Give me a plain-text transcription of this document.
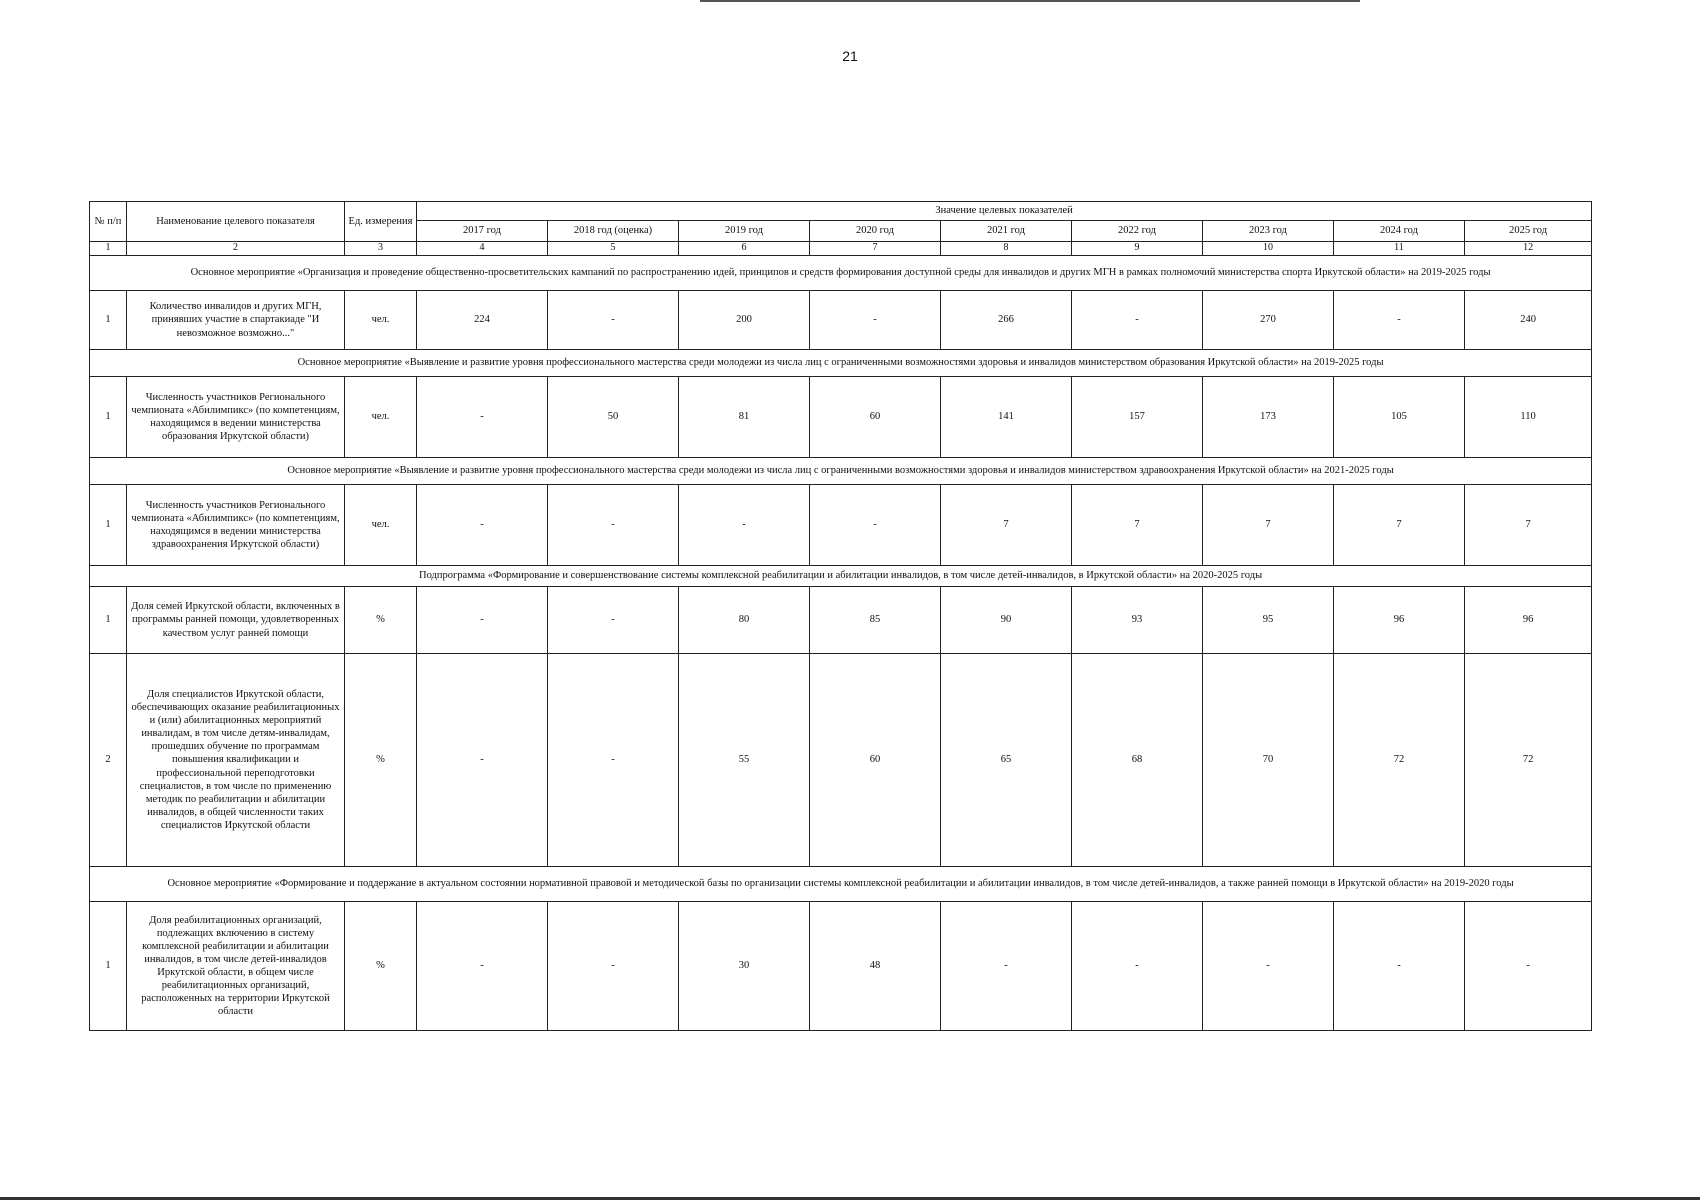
21
№ п/п	Наименование целевого показателя	Ед. измерения	Значение целевых показателей								
			2017 год	2018 год (оценка)	2019 год	2020 год	2021 год	2022 год	2023 год	2024 год	2025 год
1	2	3	4	5	6	7	8	9	10	11	12
Основное мероприятие «Организация и проведение общественно-просветительских кампаний по распространению идей, принципов и средств формирования доступной среды для инвалидов и других МГН в рамках полномочий министерства спорта Иркутской области» на 2019-2025 годы											
1	Количество инвалидов и других МГН, принявших участие в спартакиаде "И невозможное возможно..."	чел.	224	-	200	-	266	-	270	-	240
Основное мероприятие «Выявление и развитие уровня профессионального мастерства среди молодежи из числа лиц с ограниченными возможностями здоровья и инвалидов министерством образования Иркутской области» на 2019-2025 годы											
1	Численность участников Регионального чемпионата «Абилимпикс» (по компетенциям, находящимся в ведении министерства образования Иркутской области)	чел.	-	50	81	60	141	157	173	105	110
Основное мероприятие «Выявление и развитие уровня профессионального мастерства среди молодежи из числа лиц с ограниченными возможностями здоровья и инвалидов министерством здравоохранения Иркутской области» на 2021-2025 годы											
1	Численность участников Регионального чемпионата «Абилимпикс» (по компетенциям, находящимся в ведении министерства здравоохранения Иркутской области)	чел.	-	-	-	-	7	7	7	7	7
Подпрограмма «Формирование и совершенствование системы комплексной реабилитации и абилитации инвалидов, в том числе детей-инвалидов, в Иркутской области» на 2020-2025 годы											
1	Доля семей Иркутской области, включенных в программы ранней помощи, удовлетворенных качеством услуг ранней помощи	%	-	-	80	85	90	93	95	96	96
2	Доля специалистов Иркутской области, обеспечивающих оказание реабилитационных и (или) абилитационных мероприятий инвалидам, в том числе детям-инвалидам, прошедших обучение по программам повышения квалификации и профессиональной переподготовки специалистов, в том числе по применению методик по реабилитации и абилитации инвалидов, в общей численности таких специалистов Иркутской области	%	-	-	55	60	65	68	70	72	72
Основное мероприятие «Формирование и поддержание в актуальном состоянии нормативной правовой и методической базы по организации системы комплексной реабилитации и абилитации инвалидов, в том числе детей-инвалидов, а также ранней помощи в Иркутской области» на 2019-2020 годы											
1	Доля реабилитационных организаций, подлежащих включению в систему комплексной реабилитации и абилитации инвалидов, в том числе детей-инвалидов Иркутской области, в общем числе реабилитационных организаций, расположенных на территории Иркутской области	%	-	-	30	48	-	-	-	-	-
